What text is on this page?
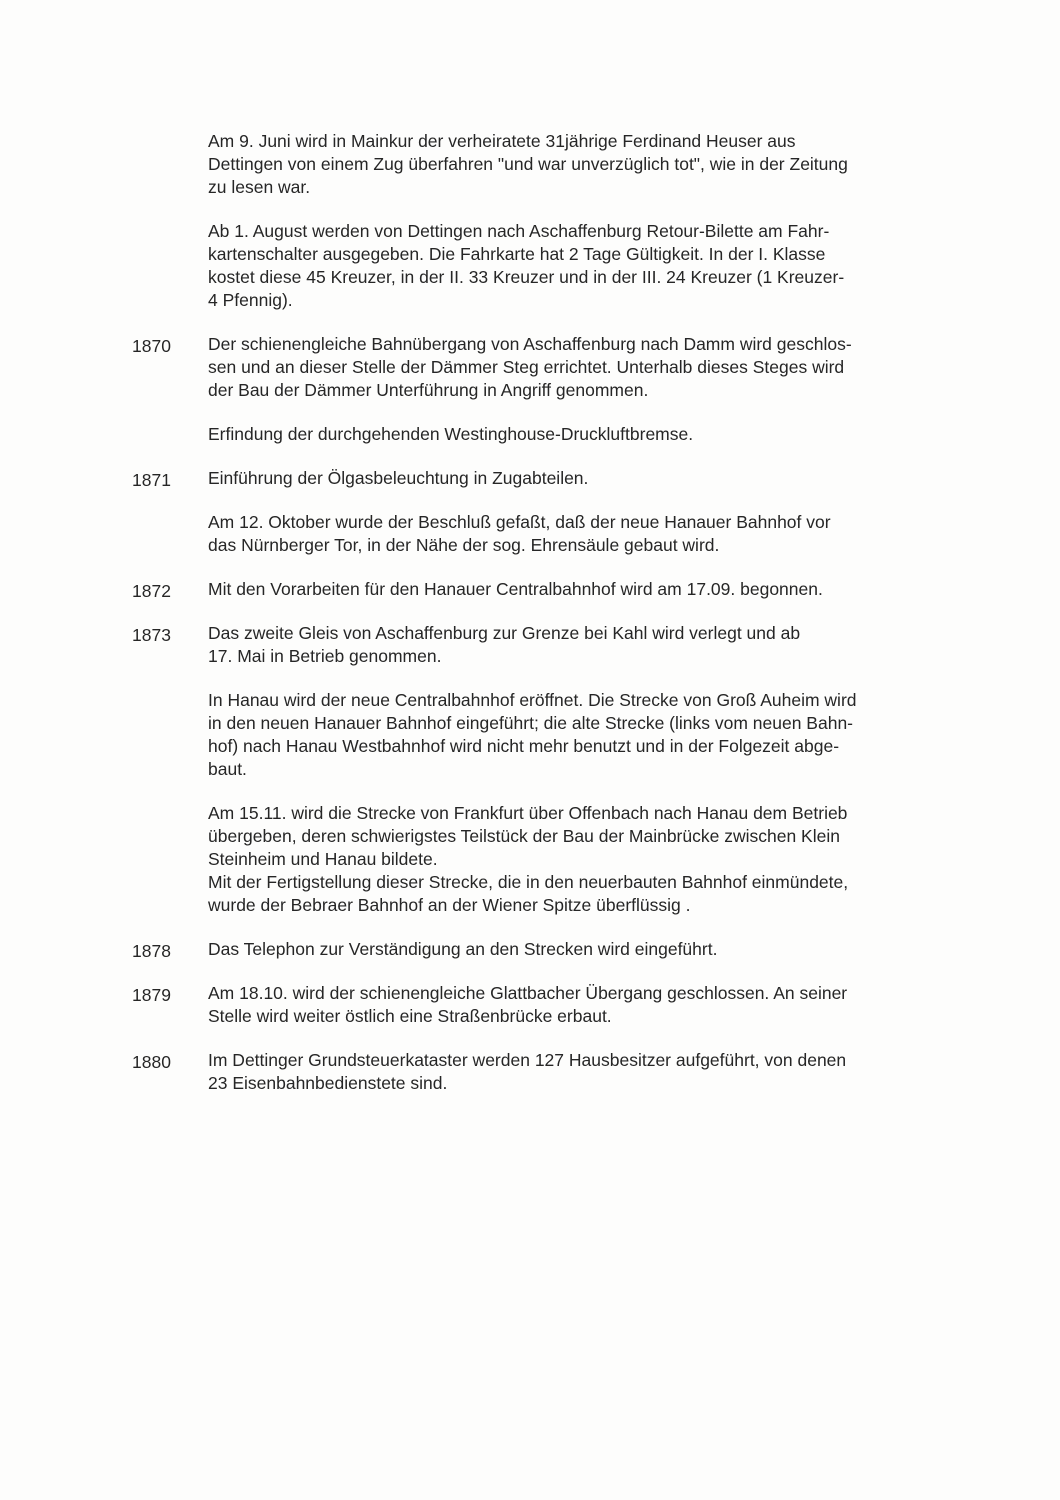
Am 9. Juni wird in Mainkur der verheiratete 31jährige Ferdinand Heuser aus
Dettingen von einem Zug überfahren "und war unverzüglich tot", wie in der Zeitung
zu lesen war.

Ab 1. August werden von Dettingen nach Aschaffenburg Retour-Bilette am Fahr-
kartenschalter ausgegeben. Die Fahrkarte hat 2 Tage Gültigkeit. In der I. Klasse
kostet diese 45 Kreuzer, in der II. 33 Kreuzer und in der III. 24 Kreuzer (1 Kreuzer-
4 Pfennig).

1870	Der schienengleiche Bahnübergang von Aschaffenburg nach Damm wird geschlos-
sen und an dieser Stelle der Dämmer Steg errichtet. Unterhalb dieses Steges wird
der Bau der Dämmer Unterführung in Angriff genommen.

Erfindung der durchgehenden Westinghouse-Druckluftbremse.

1871	Einführung der Ölgasbeleuchtung in Zugabteilen.

Am 12. Oktober wurde der Beschluß gefaßt, daß der neue Hanauer Bahnhof vor
das Nürnberger Tor, in der Nähe der sog. Ehrensäule gebaut wird.

1872	Mit den Vorarbeiten für den Hanauer Centralbahnhof wird am 17.09. begonnen.

1873	Das zweite Gleis von Aschaffenburg zur Grenze bei Kahl wird verlegt und ab
17. Mai in Betrieb genommen.

In Hanau wird der neue Centralbahnhof eröffnet. Die Strecke von Groß Auheim wird
in den neuen Hanauer Bahnhof eingeführt; die alte Strecke (links vom neuen Bahn-
hof) nach Hanau Westbahnhof wird nicht mehr benutzt und in der Folgezeit abge-
baut.

Am 15.11. wird die Strecke von Frankfurt über Offenbach nach Hanau dem Betrieb
übergeben, deren schwierigstes Teilstück der Bau der Mainbrücke zwischen Klein
Steinheim und Hanau bildete.
Mit der Fertigstellung dieser Strecke, die in den neuerbauten Bahnhof einmündete,
wurde der Bebraer Bahnhof an der Wiener Spitze überflüssig .

1878	Das Telephon zur Verständigung an den Strecken wird eingeführt.

1879	Am 18.10. wird der schienengleiche Glattbacher Übergang geschlossen. An seiner
Stelle wird weiter östlich eine Straßenbrücke erbaut.

1880	Im Dettinger Grundsteuerkataster werden 127 Hausbesitzer aufgeführt, von denen
23 Eisenbahnbedienstete sind.
